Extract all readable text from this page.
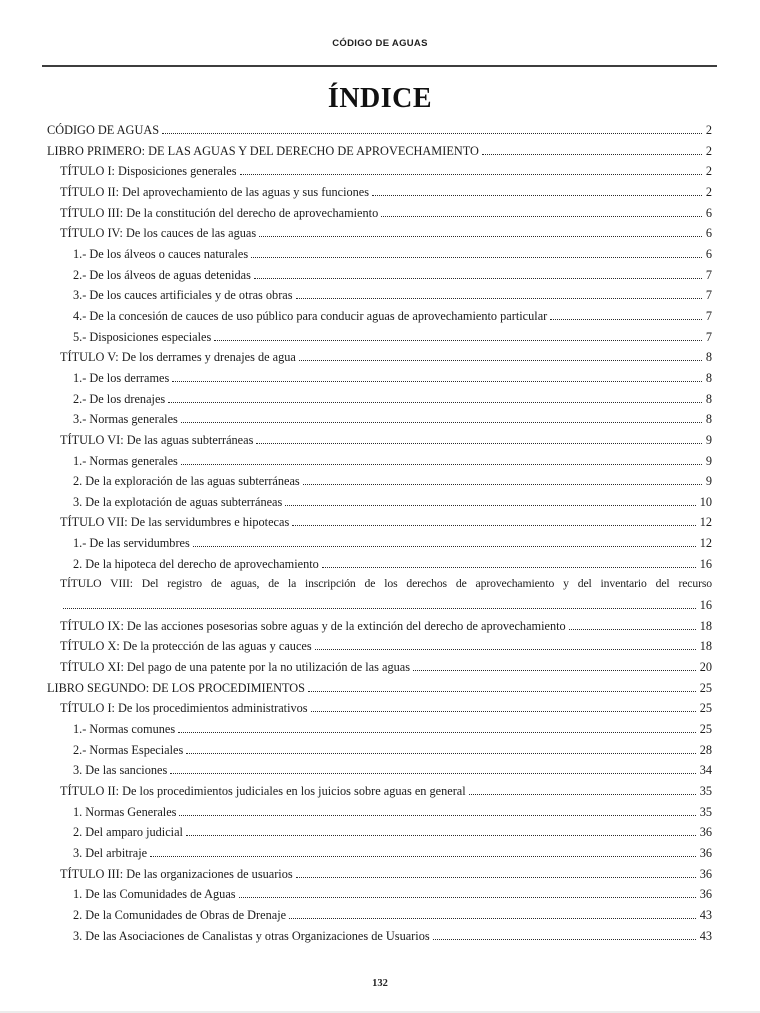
CÓDIGO DE AGUAS
ÍNDICE
CÓDIGO DE AGUAS	2
LIBRO PRIMERO: DE LAS AGUAS Y DEL DERECHO DE APROVECHAMIENTO	2
TÍTULO I: Disposiciones generales	2
TÍTULO II: Del aprovechamiento de las aguas y sus funciones	2
TÍTULO III: De la constitución del derecho de aprovechamiento	6
TÍTULO IV: De los cauces de las aguas	6
1.- De los álveos o cauces naturales	6
2.- De los álveos de aguas detenidas	7
3.- De los cauces artificiales y de otras obras	7
4.- De la concesión de cauces de uso público para conducir aguas de aprovechamiento particular	7
5.- Disposiciones especiales	7
TÍTULO V: De los derrames y drenajes de agua	8
1.- De los derrames	8
2.- De los drenajes	8
3.- Normas generales	8
TÍTULO VI: De las aguas subterráneas	9
1.- Normas generales	9
2. De la exploración de las aguas subterráneas	9
3. De la explotación de aguas subterráneas	10
TÍTULO VII: De las servidumbres e hipotecas	12
1.- De las servidumbres	12
2. De la hipoteca del derecho de aprovechamiento	16
TÍTULO VIII: Del registro de aguas, de la inscripción de los derechos de aprovechamiento y del inventario del recurso
16
TÍTULO IX: De las acciones posesorias sobre aguas y de la extinción del derecho de aprovechamiento	18
TÍTULO X: De la protección de las aguas y cauces	18
TÍTULO XI: Del pago de una patente por la no utilización de las aguas	20
LIBRO SEGUNDO: DE LOS PROCEDIMIENTOS	25
TÍTULO I: De los procedimientos administrativos	25
1.- Normas comunes	25
2.- Normas Especiales	28
3. De las sanciones	34
TÍTULO II: De los procedimientos judiciales en los juicios sobre aguas en general	35
1. Normas Generales	35
2. Del amparo judicial	36
3. Del arbitraje	36
TÍTULO III: De las organizaciones de usuarios	36
1. De las Comunidades de Aguas	36
2. De la Comunidades de Obras de Drenaje	43
3. De las Asociaciones de Canalistas y otras Organizaciones de Usuarios	43
132
